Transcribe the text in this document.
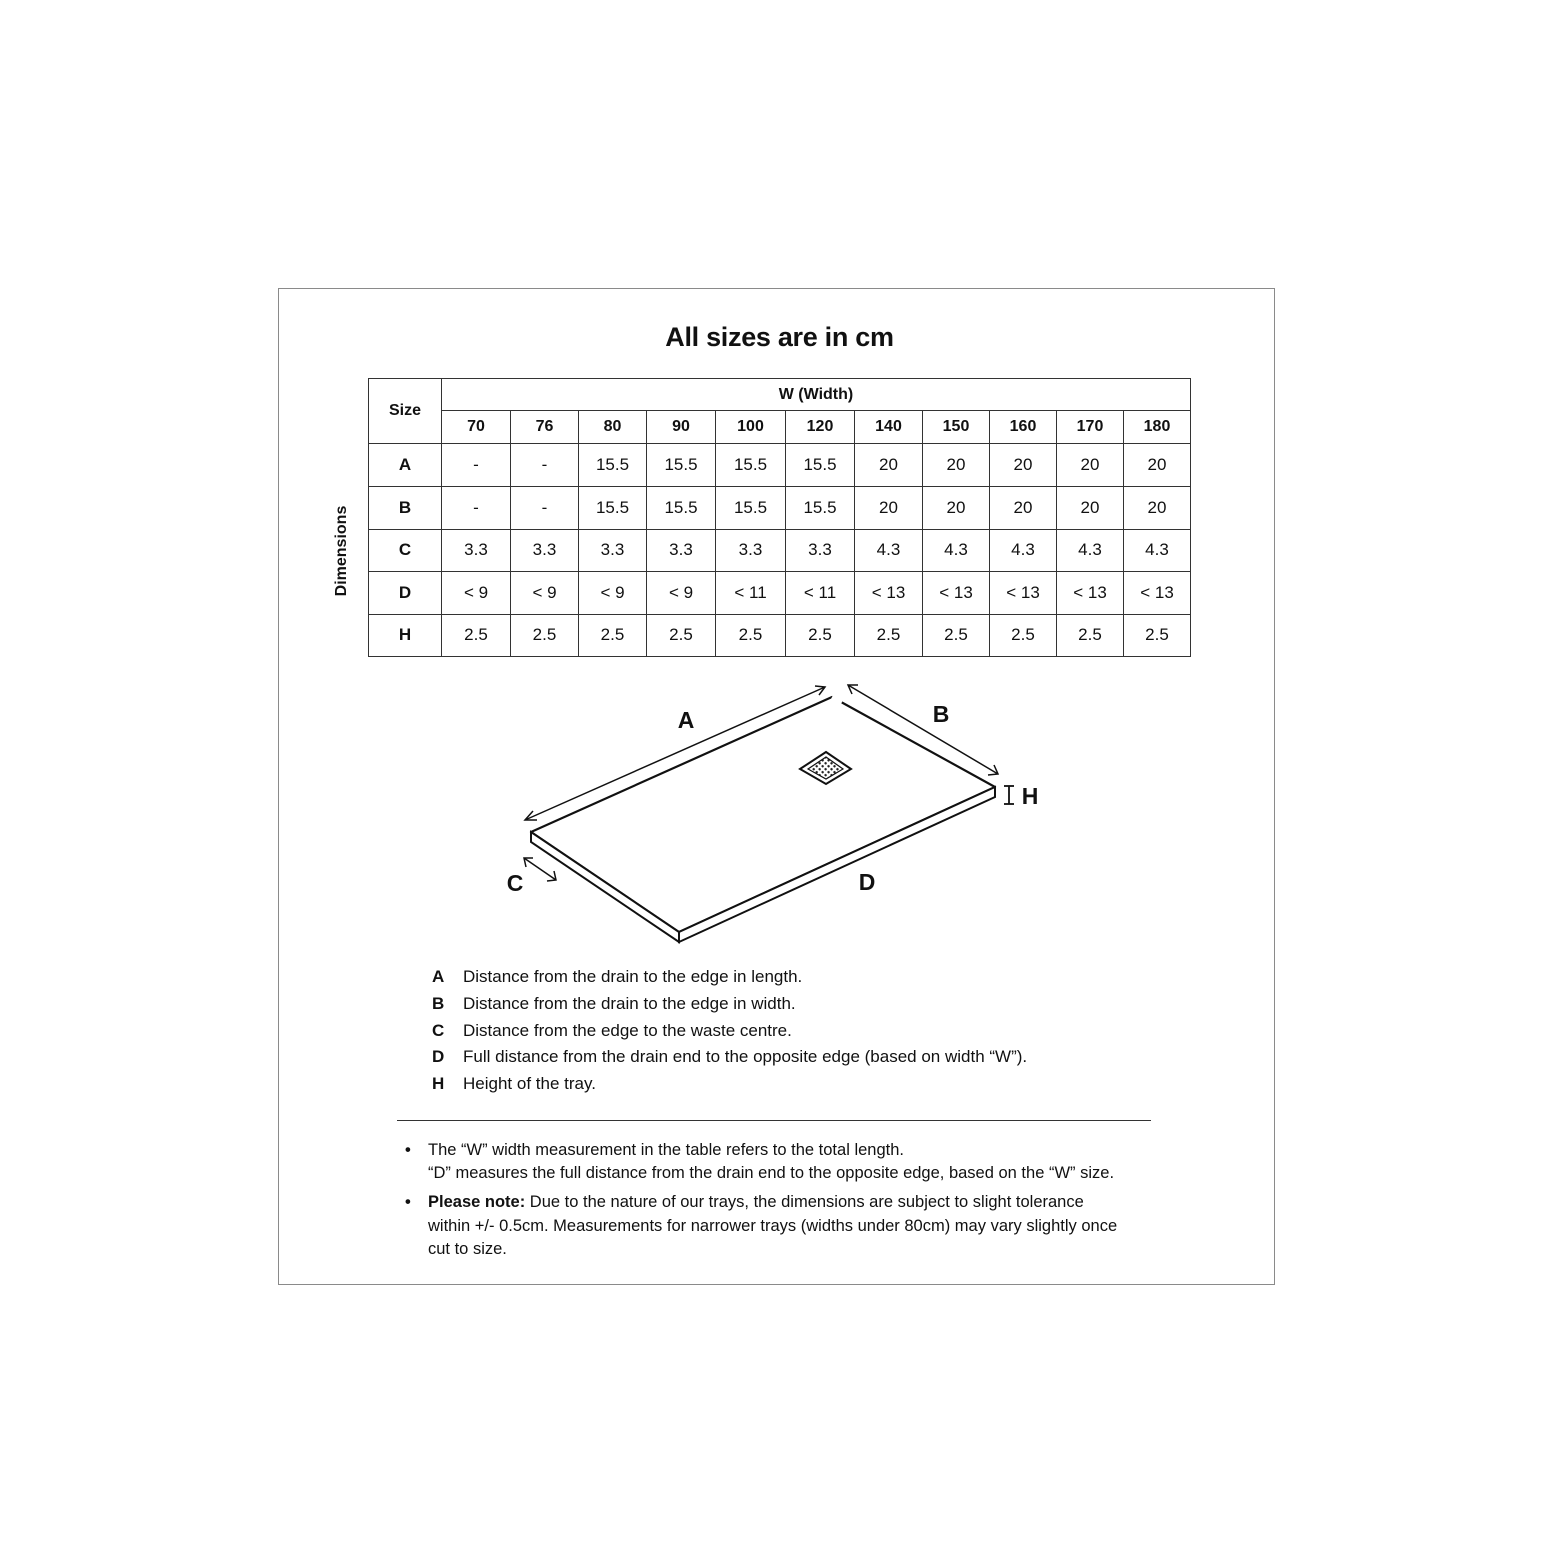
All sizes are in cm
Dimensions
Size	W (Width)										
	70	76	80	90	100	120	140	150	160	170	180
A	-	-	15.5	15.5	15.5	15.5	20	20	20	20	20
B	-	-	15.5	15.5	15.5	15.5	20	20	20	20	20
C	3.3	3.3	3.3	3.3	3.3	3.3	4.3	4.3	4.3	4.3	4.3
D	< 9	< 9	< 9	< 9	< 11	< 11	< 13	< 13	< 13	< 13	< 13
H	2.5	2.5	2.5	2.5	2.5	2.5	2.5	2.5	2.5	2.5	2.5
A	B
H
C	D
A Distance from the drain to the edge in length.
B Distance from the drain to the edge in width.
C Distance from the edge to the waste centre.
D Full distance from the drain end to the opposite edge (based on width “W”).
H Height of the tray.
• The “W” width measurement in the table refers to the total length.
“D” measures the full distance from the drain end to the opposite edge, based on the “W” size.
• Please note: Due to the nature of our trays, the dimensions are subject to slight tolerance within +/- 0.5cm. Measurements for narrower trays (widths under 80cm) may vary slightly once cut to size.
